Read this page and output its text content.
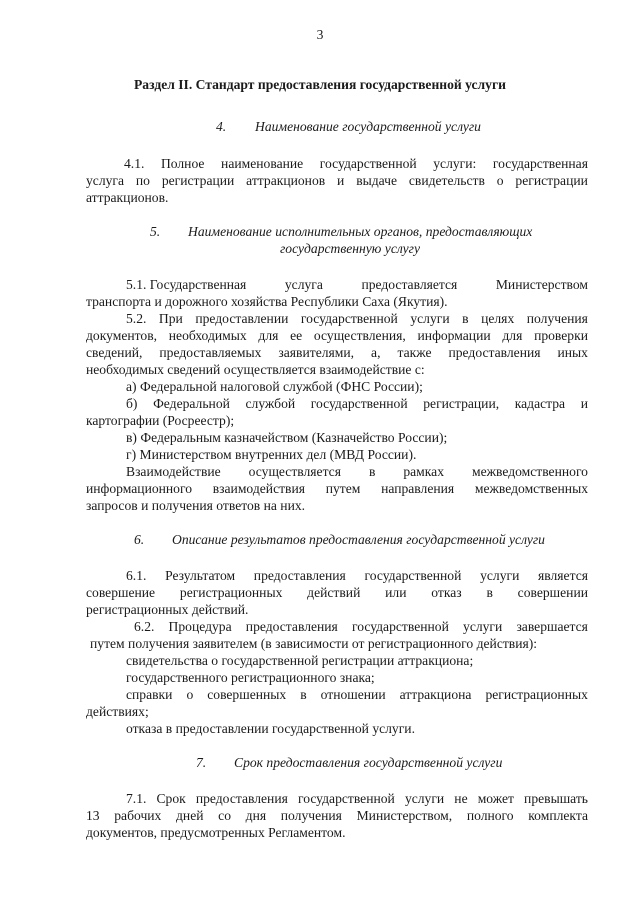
3
Раздел II. Стандарт предоставления государственной услуги
4. Наименование государственной услуги
4.1. Полное наименование государственной услуги: государственная
услуга по регистрации аттракционов и выдаче свидетельств о регистрации
аттракционов.
5. Наименование исполнительных органов, предоставляющих
государственную услугу
5.1. Государственная	услуга	предоставляется	Министерством
транспорта и дорожного хозяйства Республики Саха (Якутия).
5.2. При предоставлении государственной услуги в целях получения
документов, необходимых для ее осуществления, информации для проверки
сведений, предоставляемых заявителями, а, также предоставления иных
необходимых сведений осуществляется взаимодействие с:
а) Федеральной налоговой службой (ФНС России);
б) Федеральной службой государственной регистрации, кадастра и
картографии (Росреестр);
в) Федеральным казначейством (Казначейство России);
г) Министерством внутренних дел (МВД России).
Взаимодействие осуществляется в рамках межведомственного
информационного взаимодействия путем направления межведомственных
запросов и получения ответов на них.
6. Описание результатов предоставления государственной услуги
6.1. Результатом предоставления государственной услуги является
совершение регистрационных действий или отказ в совершении
регистрационных действий.
6.2. Процедура предоставления государственной услуги завершается
путем получения заявителем (в зависимости от регистрационного действия):
свидетельства о государственной регистрации аттракциона;
государственного регистрационного знака;
справки о совершенных в отношении аттракциона регистрационных
действиях;
отказа в предоставлении государственной услуги.
7. Срок предоставления государственной услуги
7.1. Срок предоставления государственной услуги не может превышать
13 рабочих дней со дня получения Министерством, полного комплекта
документов, предусмотренных Регламентом.
